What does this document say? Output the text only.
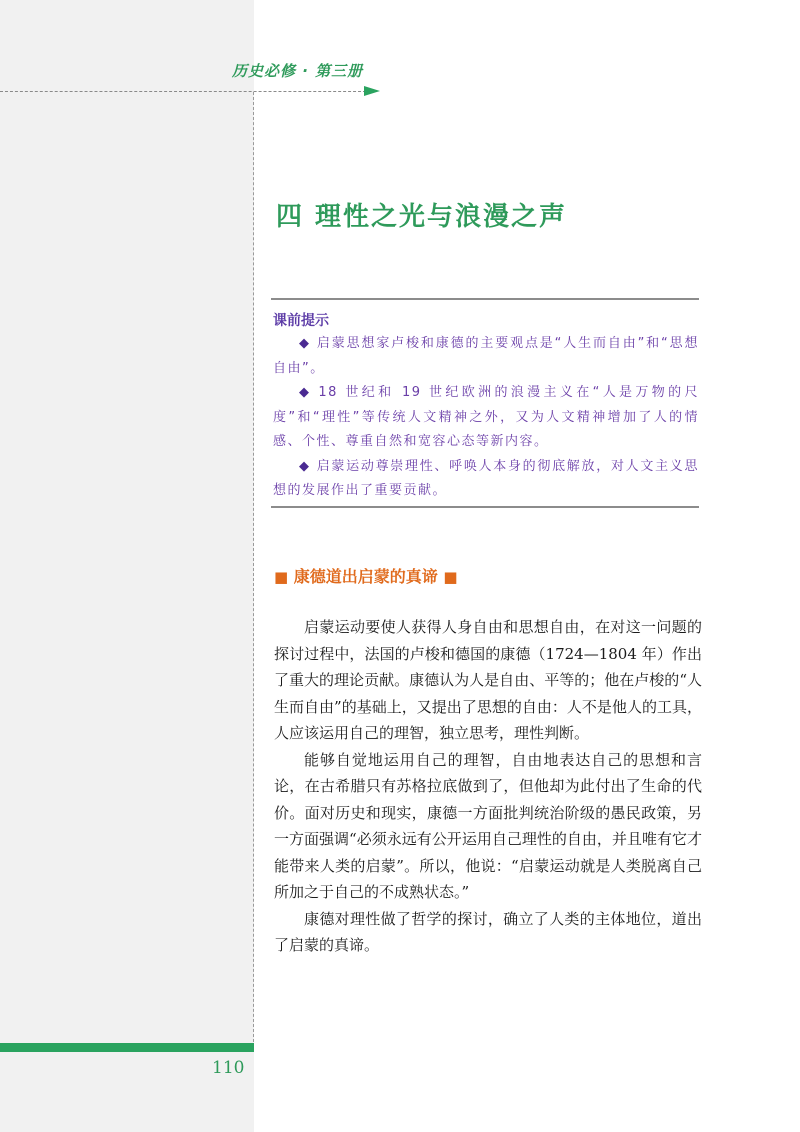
历史必修 · 第三册
四 理性之光与浪漫之声
课前提示

◆ 启蒙思想家卢梭和康德的主要观点是“人生而自由”和“思想自由”。

◆ 18 世纪和 19 世纪欧洲的浪漫主义在“人是万物的尺度”和“理性”等传统人文精神之外，又为人文精神增加了人的情感、个性、尊重自然和宽容心态等新内容。

◆ 启蒙运动尊崇理性、呼唤人本身的彻底解放，对人文主义思想的发展作出了重要贡献。

■ 康德道出启蒙的真谛 ■

启蒙运动要使人获得人身自由和思想自由，在对这一问题的探讨过程中，法国的卢梭和德国的康德（1724—1804 年）作出了重大的理论贡献。康德认为人是自由、平等的；他在卢梭的“人生而自由”的基础上，又提出了思想的自由：人不是他人的工具，人应该运用自己的理智，独立思考，理性判断。

能够自觉地运用自己的理智，自由地表达自己的思想和言论，在古希腊只有苏格拉底做到了，但他却为此付出了生命的代价。面对历史和现实，康德一方面批判统治阶级的愚民政策，另一方面强调“必须永远有公开运用自己理性的自由，并且唯有它才能带来人类的启蒙”。所以，他说：“启蒙运动就是人类脱离自己所加之于自己的不成熟状态。”

康德对理性做了哲学的探讨，确立了人类的主体地位，道出了启蒙的真谛。

110
